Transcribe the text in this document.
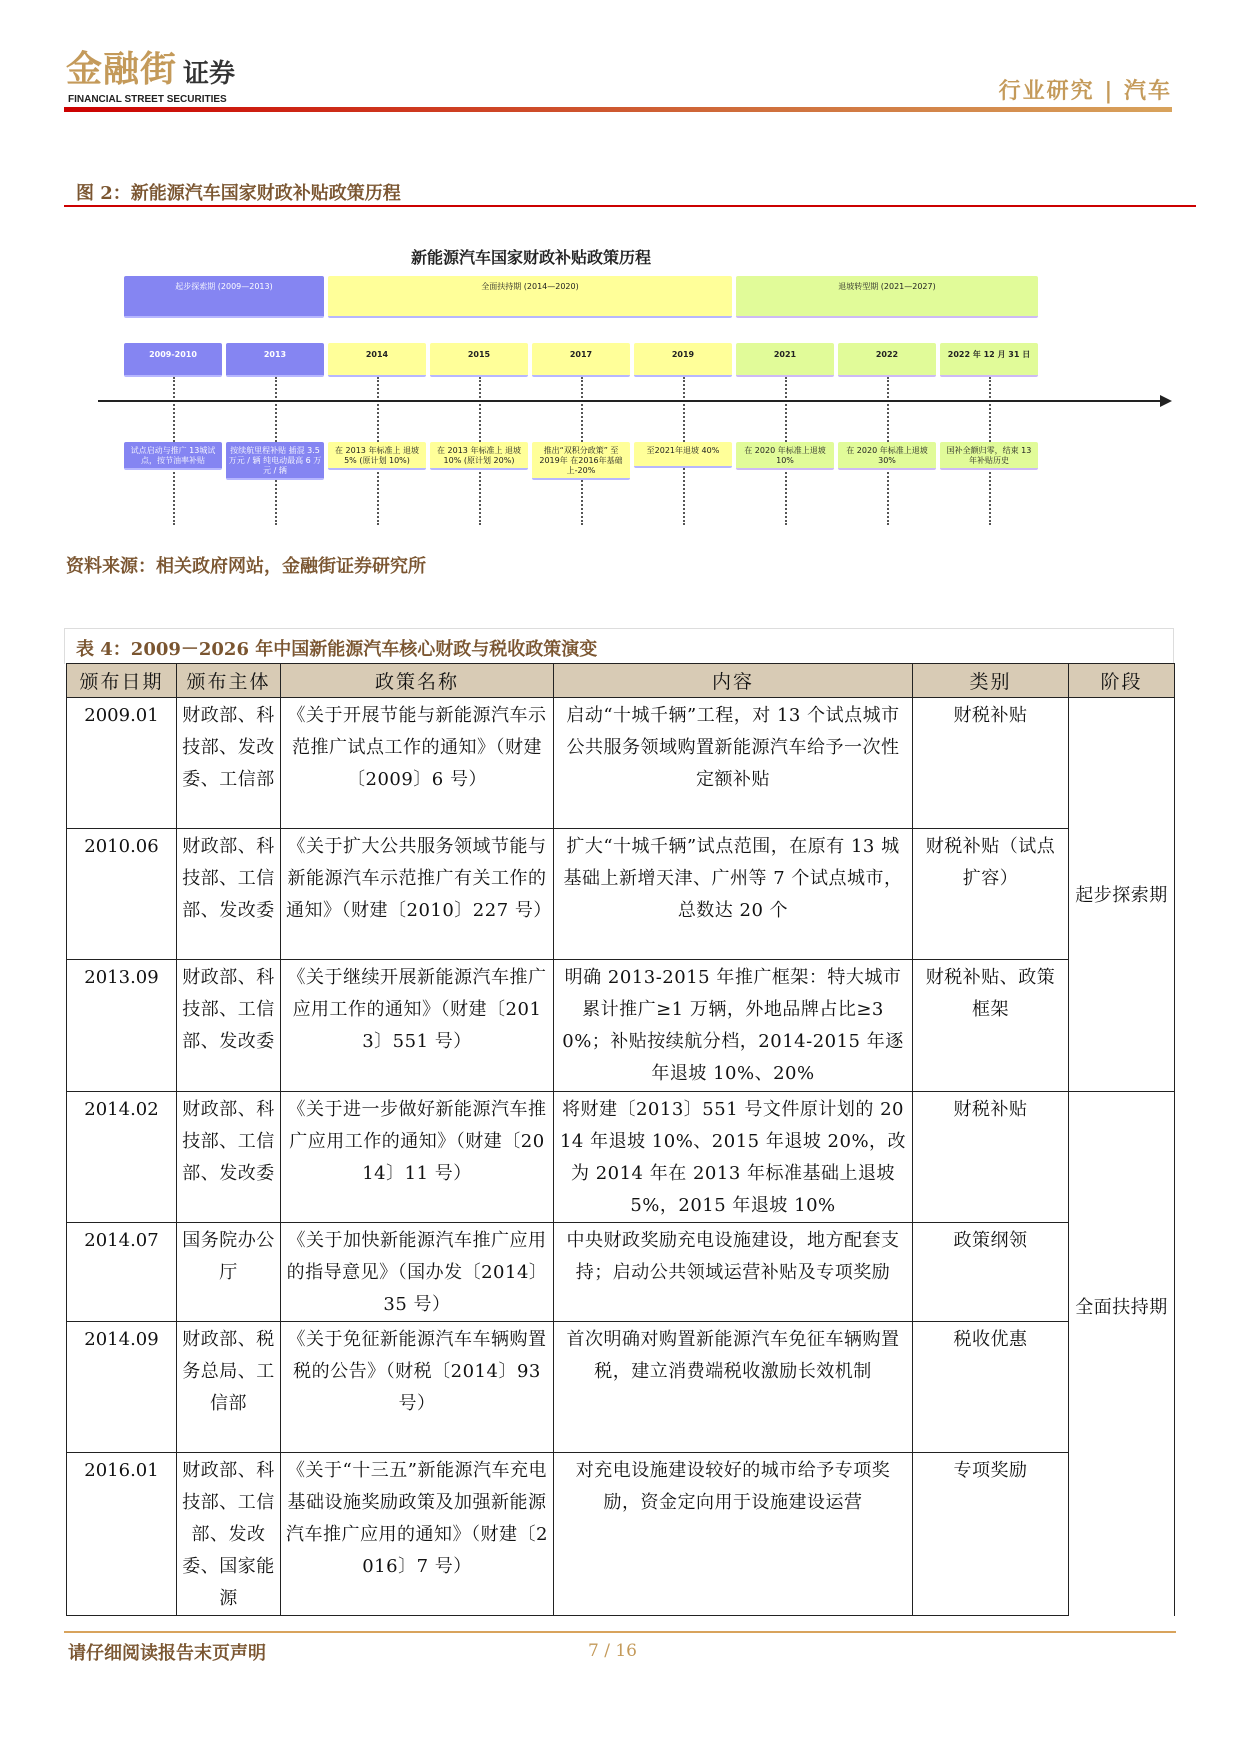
金融街 证券
FINANCIAL STREET SECURITIES	行业研究 | 汽车
图 2：新能源汽车国家财政补贴政策历程
新能源汽车国家财政补贴政策历程
起步探索期 (2009—2013)	全面扶持期 (2014—2020)	退坡转型期 (2021—2027)
2009-2010
试点启动与推广 13城试点，按节油率补贴
2013
按续航里程补贴 插混 3.5 万元 / 辆 纯电动最高 6 万元 / 辆
2014
在 2013 年标准上 退坡 5% (原计划 10%)
2015
在 2013 年标准上 退坡 10% (原计划 20%)
2017
推出“双积分政策” 至2019年 在2016年基础上-20%
2019
至2021年退坡 40%
2021
在 2020 年标准上退坡 10%
2022
在 2020 年标准上退坡 30%
2022 年 12 月 31 日
国补全额归零，结束 13 年补贴历史
资料来源：相关政府网站，金融街证券研究所
表 4：2009－2026 年中国新能源汽车核心财政与税收政策演变
颁布日期	颁布主体	政策名称	内容	类别	阶段
2009.01	财政部、科技部、发改委、工信部	《关于开展节能与新能源汽车示范推广试点工作的通知》（财建〔2009〕6 号）	启动“十城千辆”工程，对 13 个试点城市公共服务领域购置新能源汽车给予一次性定额补贴	财税补贴	起步探索期
2010.06	财政部、科技部、工信部、发改委	《关于扩大公共服务领域节能与新能源汽车示范推广有关工作的通知》（财建〔2010〕227 号）	扩大“十城千辆”试点范围，在原有 13 城基础上新增天津、广州等 7 个试点城市，总数达 20 个	财税补贴（试点扩容）	
2013.09	财政部、科技部、工信部、发改委	《关于继续开展新能源汽车推广应用工作的通知》（财建〔2013〕551 号）	明确 2013-2015 年推广框架：特大城市累计推广≥1 万辆，外地品牌占比≥30%；补贴按续航分档，2014-2015 年逐年退坡 10%、20%	财税补贴、政策框架	
2014.02	财政部、科技部、工信部、发改委	《关于进一步做好新能源汽车推广应用工作的通知》（财建〔2014〕11 号）	将财建〔2013〕551 号文件原计划的 2014 年退坡 10%、2015 年退坡 20%，改为 2014 年在 2013 年标准基础上退坡 5%，2015 年退坡 10%	财税补贴	全面扶持期
2014.07	国务院办公厅	《关于加快新能源汽车推广应用的指导意见》（国办发〔2014〕35 号）	中央财政奖励充电设施建设，地方配套支持；启动公共领域运营补贴及专项奖励	政策纲领	
2014.09	财政部、税务总局、工信部	《关于免征新能源汽车车辆购置税的公告》（财税〔2014〕93 号）	首次明确对购置新能源汽车免征车辆购置税，建立消费端税收激励长效机制	税收优惠	
2016.01	财政部、科技部、工信部、发改委、国家能源	《关于“十三五”新能源汽车充电基础设施奖励政策及加强新能源汽车推广应用的通知》（财建〔2016〕7 号）	对充电设施建设较好的城市给予专项奖励，资金定向用于设施建设运营	专项奖励	
请仔细阅读报告末页声明	7 / 16
